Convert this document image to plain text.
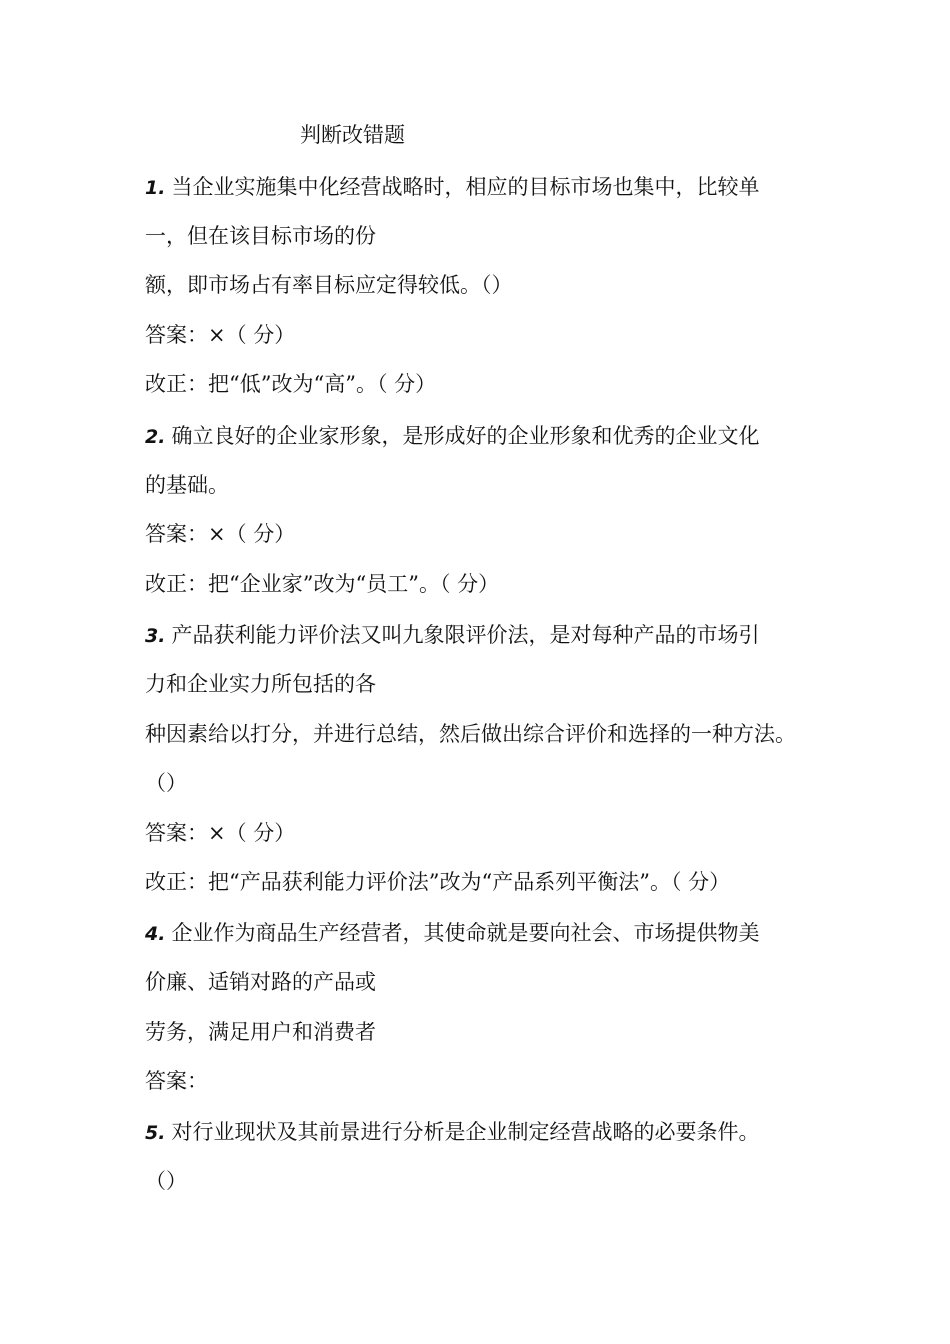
判断改错题
1. 当企业实施集中化经营战略时，相应的目标市场也集中，比较单
一，但在该目标市场的份
额，即市场占有率目标应定得较低。（）
答案：×（ 分）
改正：把“低”改为“高”。（ 分）
2. 确立良好的企业家形象，是形成好的企业形象和优秀的企业文化
的基础。
答案：×（ 分）
改正：把“企业家”改为“员工”。（ 分）
3. 产品获利能力评价法又叫九象限评价法，是对每种产品的市场引
力和企业实力所包括的各
种因素给以打分，并进行总结，然后做出综合评价和选择的一种方法。
（）
答案：×（ 分）
改正：把“产品获利能力评价法”改为“产品系列平衡法”。（ 分）
4. 企业作为商品生产经营者，其使命就是要向社会、市场提供物美
价廉、适销对路的产品或
劳务，满足用户和消费者
答案：
5. 对行业现状及其前景进行分析是企业制定经营战略的必要条件。
（）
